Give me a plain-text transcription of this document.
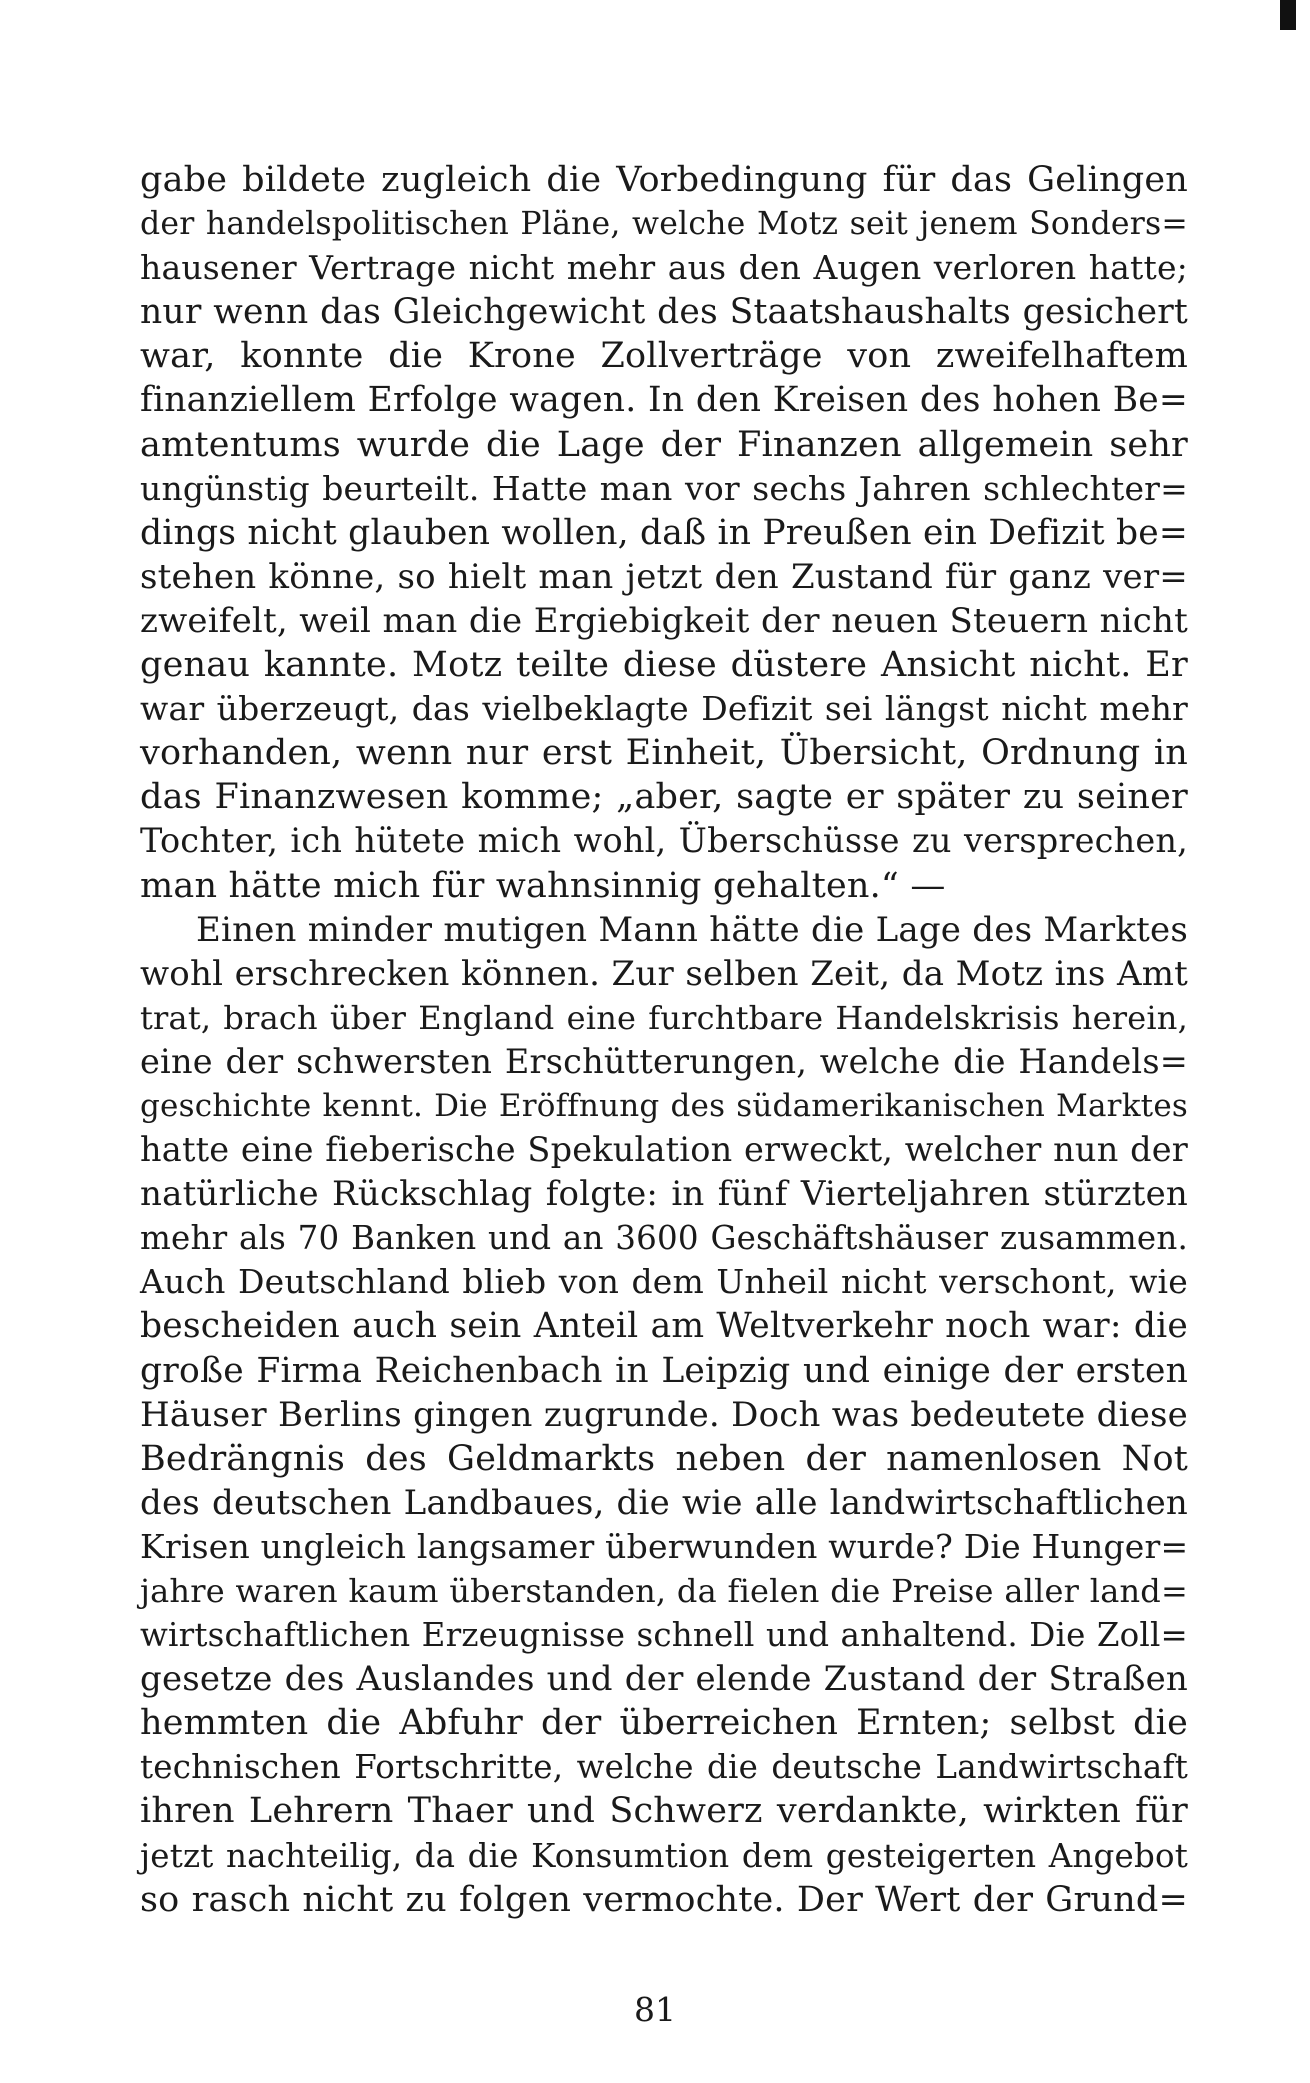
gabe bildete zugleich die Vorbedingung für das Gelingen
der handelspolitischen Pläne, welche Motz seit jenem Sonders=
hausener Vertrage nicht mehr aus den Augen verloren hatte;
nur wenn das Gleichgewicht des Staatshaushalts gesichert
war, konnte die Krone Zollverträge von zweifelhaftem
finanziellem Erfolge wagen. In den Kreisen des hohen Be=
amtentums wurde die Lage der Finanzen allgemein sehr
ungünstig beurteilt. Hatte man vor sechs Jahren schlechter=
dings nicht glauben wollen, daß in Preußen ein Defizit be=
stehen könne, so hielt man jetzt den Zustand für ganz ver=
zweifelt, weil man die Ergiebigkeit der neuen Steuern nicht
genau kannte. Motz teilte diese düstere Ansicht nicht. Er
war überzeugt, das vielbeklagte Defizit sei längst nicht mehr
vorhanden, wenn nur erst Einheit, Übersicht, Ordnung in
das Finanzwesen komme; „aber, sagte er später zu seiner
Tochter, ich hütete mich wohl, Überschüsse zu versprechen,
man hätte mich für wahnsinnig gehalten.“ —
Einen minder mutigen Mann hätte die Lage des Marktes
wohl erschrecken können. Zur selben Zeit, da Motz ins Amt
trat, brach über England eine furchtbare Handelskrisis herein,
eine der schwersten Erschütterungen, welche die Handels=
geschichte kennt. Die Eröffnung des südamerikanischen Marktes
hatte eine fieberische Spekulation erweckt, welcher nun der
natürliche Rückschlag folgte: in fünf Vierteljahren stürzten
mehr als 70 Banken und an 3600 Geschäftshäuser zusammen.
Auch Deutschland blieb von dem Unheil nicht verschont, wie
bescheiden auch sein Anteil am Weltverkehr noch war: die
große Firma Reichenbach in Leipzig und einige der ersten
Häuser Berlins gingen zugrunde. Doch was bedeutete diese
Bedrängnis des Geldmarkts neben der namenlosen Not
des deutschen Landbaues, die wie alle landwirtschaftlichen
Krisen ungleich langsamer überwunden wurde? Die Hunger=
jahre waren kaum überstanden, da fielen die Preise aller land=
wirtschaftlichen Erzeugnisse schnell und anhaltend. Die Zoll=
gesetze des Auslandes und der elende Zustand der Straßen
hemmten die Abfuhr der überreichen Ernten; selbst die
technischen Fortschritte, welche die deutsche Landwirtschaft
ihren Lehrern Thaer und Schwerz verdankte, wirkten für
jetzt nachteilig, da die Konsumtion dem gesteigerten Angebot
so rasch nicht zu folgen vermochte. Der Wert der Grund=
81
